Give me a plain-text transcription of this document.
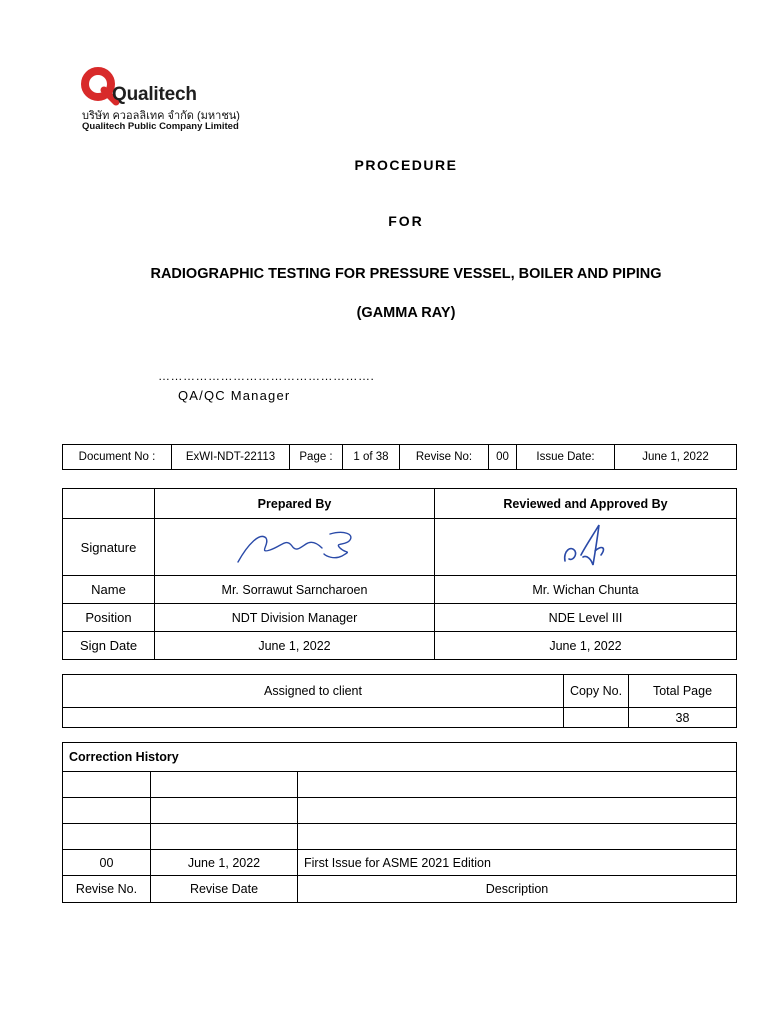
Qualitech
บริษัท ควอลลิเทค จำกัด (มหาชน)
Qualitech Public Company Limited
PROCEDURE
FOR
RADIOGRAPHIC TESTING FOR PRESSURE VESSEL, BOILER AND PIPING
(GAMMA RAY)
…………………………………………….
QA/QC Manager
Document No :	ExWI-NDT-22113	Page :	1 of 38	Revise No:	00	Issue Date:	June 1, 2022
	Prepared By	Reviewed and Approved By
Signature		
Name	Mr. Sorrawut Sarncharoen	Mr. Wichan Chunta
Position	NDT Division Manager	NDE Level III
Sign Date	June 1, 2022	June 1, 2022
Assigned to client	Copy No.	Total Page
		38
Correction History		

00	June 1, 2022	First Issue for ASME 2021 Edition
Revise No.	Revise Date	Description
